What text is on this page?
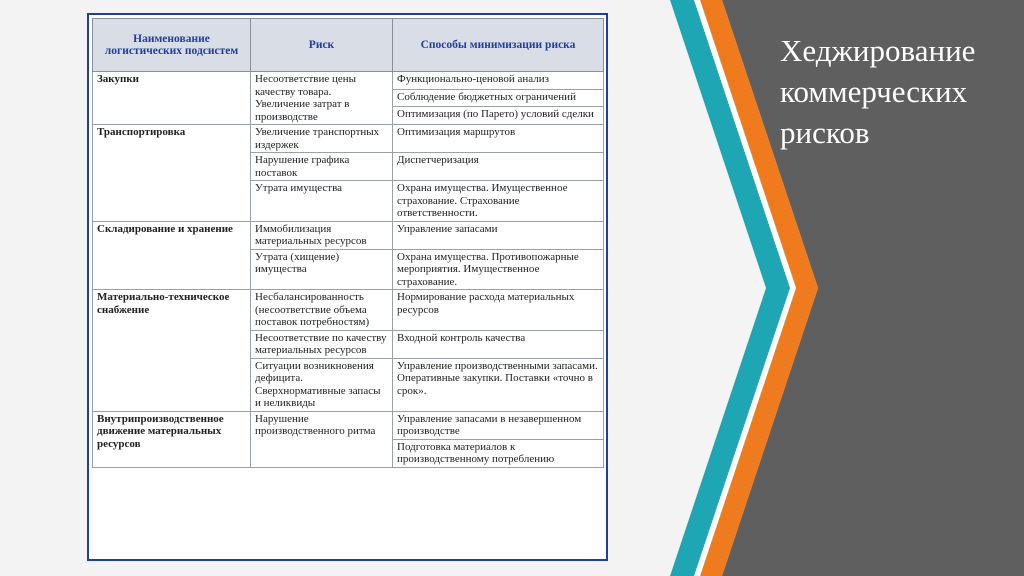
Хеджирование
коммерческих
рисков
Наименование логистических подсистем	Риск	Способы минимизации риска
Закупки	Несоответствие цены качеству товара. Увеличение затрат в производстве	Функционально-ценовой анализ
		Соблюдение бюджетных ограничений
		Оптимизация (по Парето) условий сделки
Транспортировка	Увеличение транспортных издержек	Оптимизация маршрутов
	Нарушение графика поставок	Диспетчеризация
	Утрата имущества	Охрана имущества. Имущественное страхование. Страхование ответственности.
Складирование и хранение	Иммобилизация материальных ресурсов	Управление запасами
	Утрата (хищение) имущества	Охрана имущества. Противопожарные мероприятия. Имущественное страхование.
Материально-техническое снабжение	Несбалансированность (несоответствие объема поставок потребностям)	Нормирование расхода материальных ресурсов
	Несоответствие по качеству материальных ресурсов	Входной контроль качества
	Ситуации возникновения дефицита. Сверхнормативные запасы и неликвиды	Управление производственными запасами. Оперативные закупки. Поставки «точно в срок».
Внутрипроизводственное движение материальных ресурсов	Нарушение производственного ритма	Управление запасами в незавершенном производстве
		Подготовка материалов к производственному потреблению
